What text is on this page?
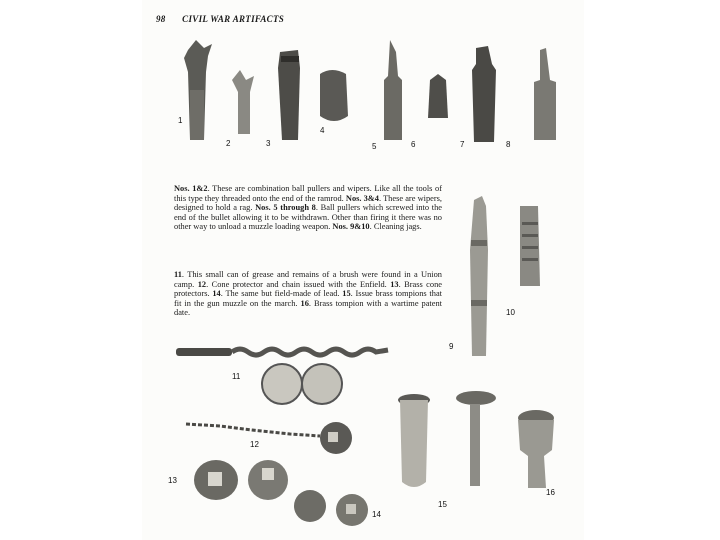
98 CIVIL WAR ARTIFACTS
1
2	3
4
5	6	7	8
9
10
11
12
13
14
15
16
Nos. 1&2. These are combination ball pullers and wipers. Like all the tools of this type they threaded onto the end of the ramrod. Nos. 3&4. These are wipers, designed to hold a rag. Nos. 5 through 8. Ball pullers which screwed into the end of the bullet allowing it to be withdrawn. Other than firing it there was no other way to unload a muzzle loading weapon. Nos. 9&10. Cleaning jags.
11. This small can of grease and remains of a brush were found in a Union camp. 12. Cone protector and chain issued with the Enfield. 13. Brass cone protectors. 14. The same but field-made of lead. 15. Issue brass tompions that fit in the gun muzzle on the march. 16. Brass tompion with a wartime patent date.
